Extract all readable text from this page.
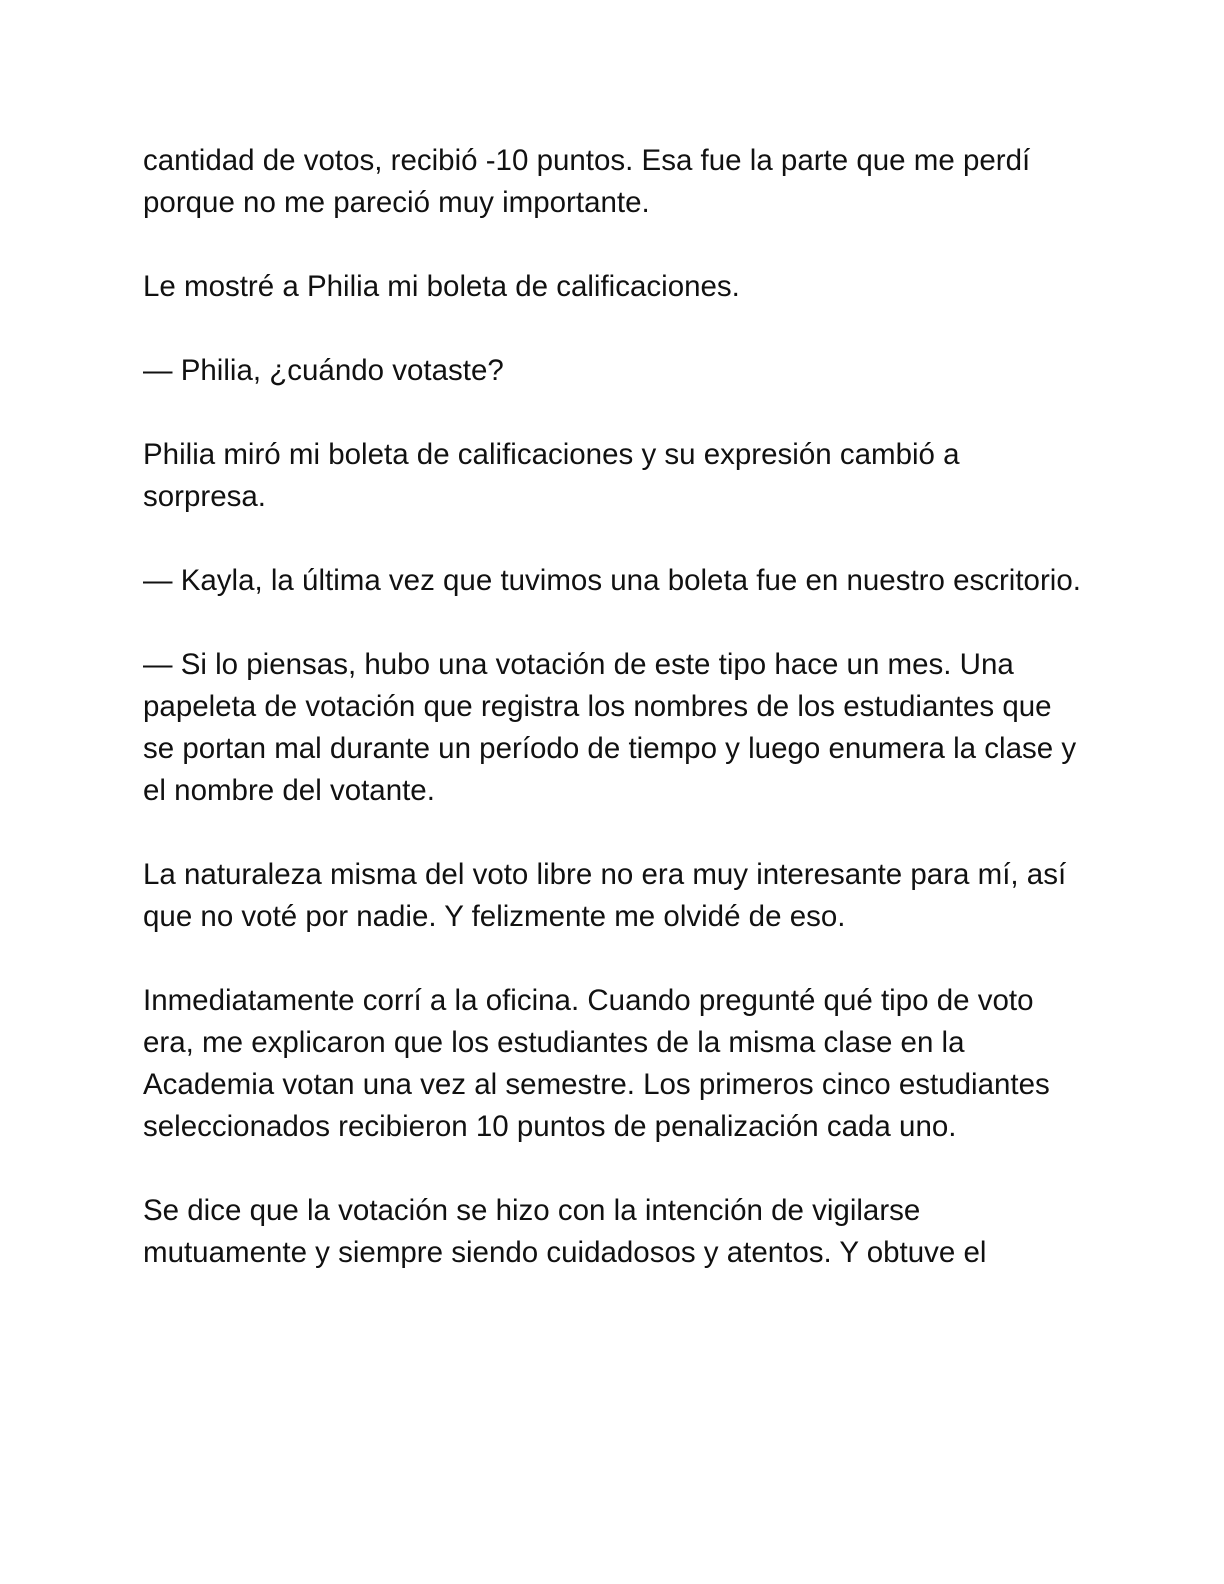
cantidad de votos, recibió -10 puntos. Esa fue la parte que me perdí porque no me pareció muy importante.

Le mostré a Philia mi boleta de calificaciones.

— Philia, ¿cuándo votaste?

Philia miró mi boleta de calificaciones y su expresión cambió a sorpresa.

— Kayla, la última vez que tuvimos una boleta fue en nuestro escritorio.

— Si lo piensas, hubo una votación de este tipo hace un mes. Una papeleta de votación que registra los nombres de los estudiantes que se portan mal durante un período de tiempo y luego enumera la clase y el nombre del votante.

La naturaleza misma del voto libre no era muy interesante para mí, así que no voté por nadie. Y felizmente me olvidé de eso.

Inmediatamente corrí a la oficina. Cuando pregunté qué tipo de voto era, me explicaron que los estudiantes de la misma clase en la Academia votan una vez al semestre. Los primeros cinco estudiantes seleccionados recibieron 10 puntos de penalización cada uno.

Se dice que la votación se hizo con la intención de vigilarse mutuamente y siempre siendo cuidadosos y atentos. Y obtuve el
